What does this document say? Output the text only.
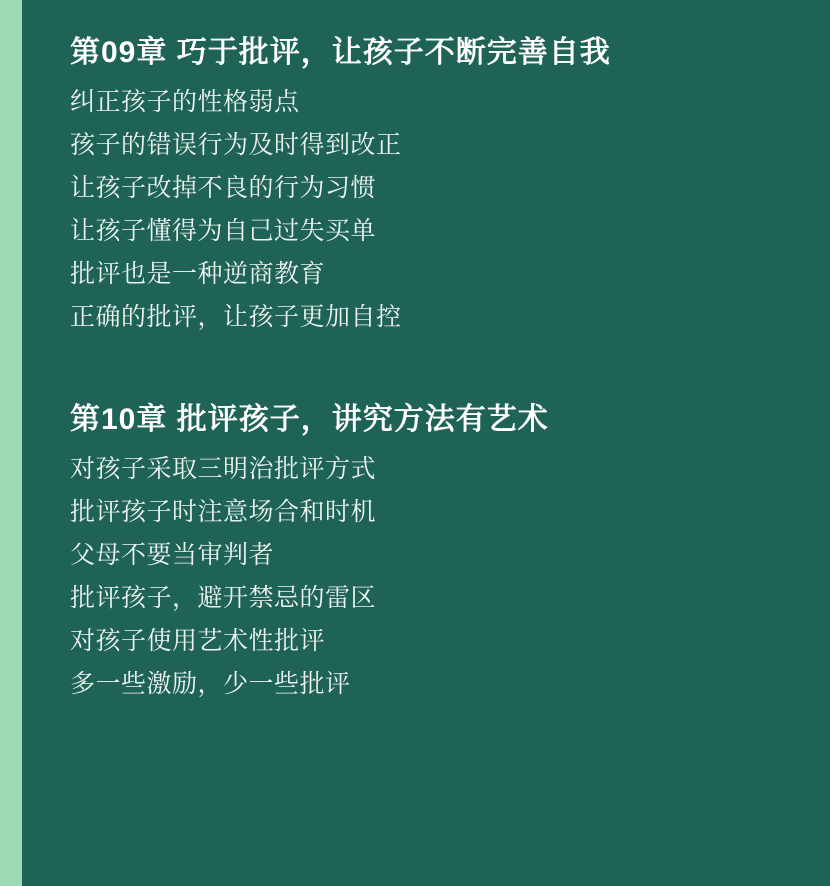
第09章 巧于批评，让孩子不断完善自我
纠正孩子的性格弱点
孩子的错误行为及时得到改正
让孩子改掉不良的行为习惯
让孩子懂得为自己过失买单
批评也是一种逆商教育
正确的批评，让孩子更加自控
第10章 批评孩子，讲究方法有艺术
对孩子采取三明治批评方式
批评孩子时注意场合和时机
父母不要当审判者
批评孩子，避开禁忌的雷区
对孩子使用艺术性批评
多一些激励，少一些批评
